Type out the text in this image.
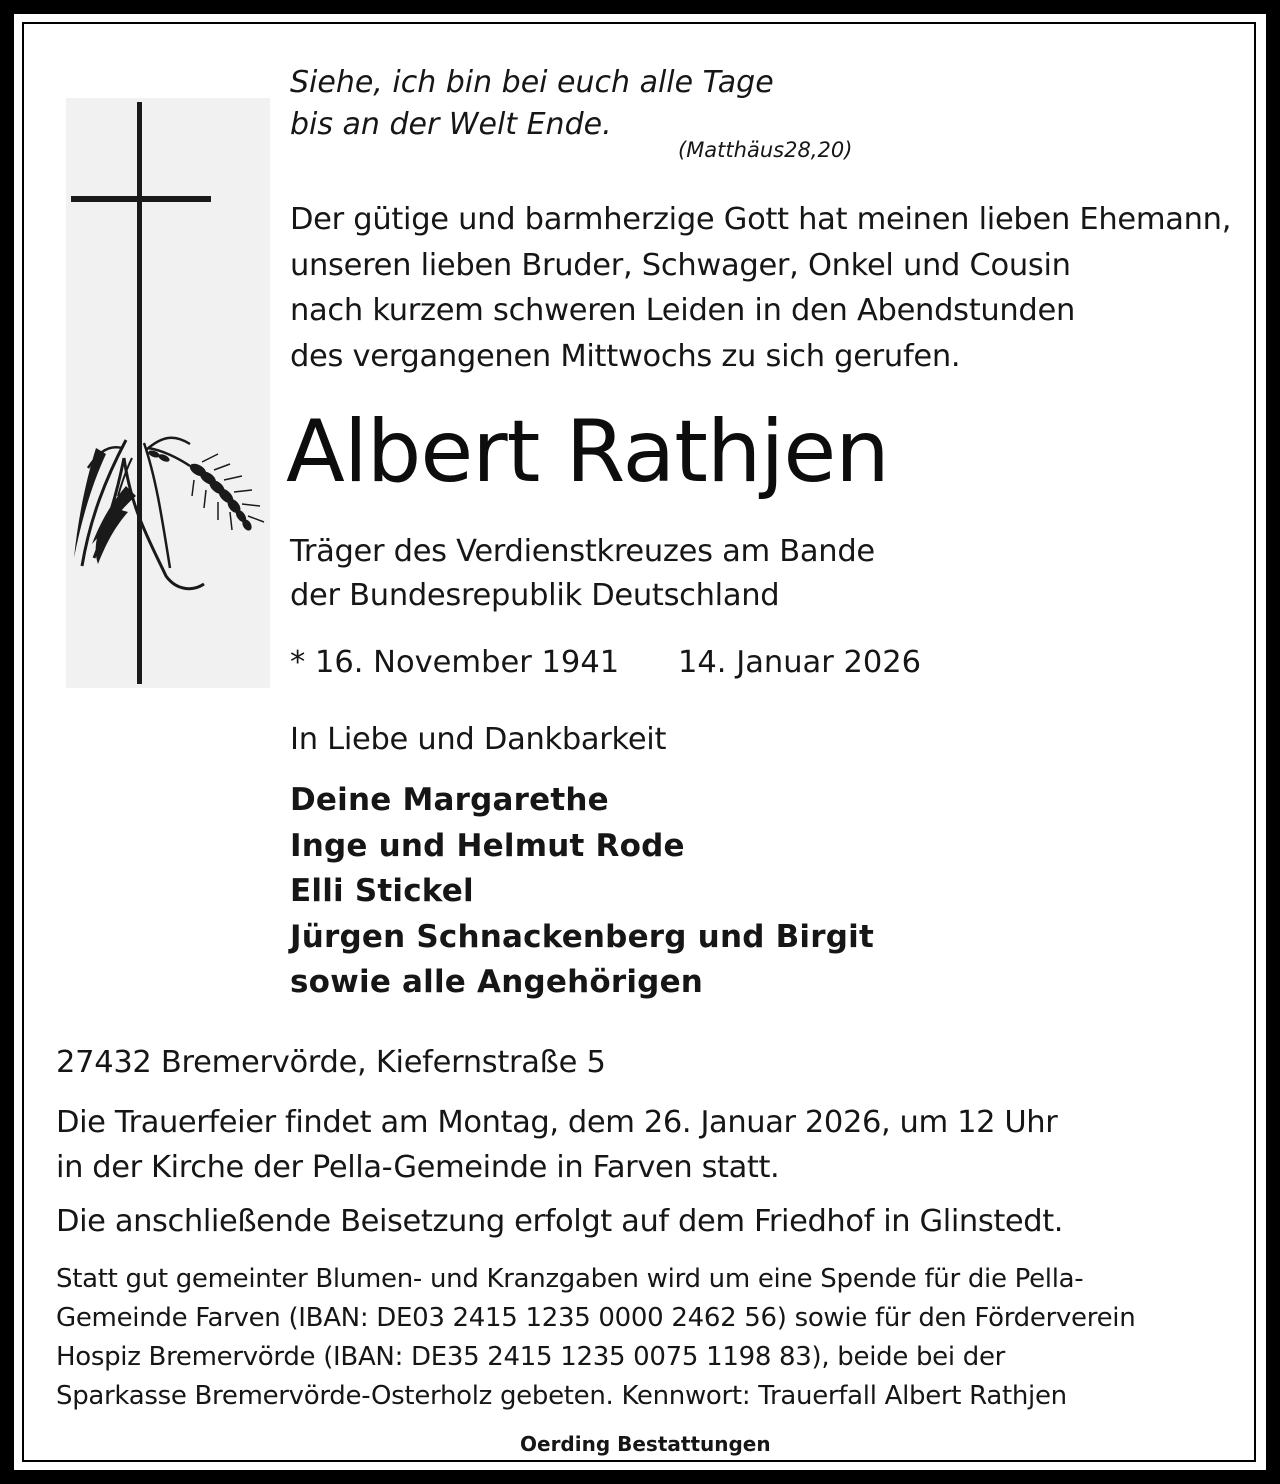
Siehe, ich bin bei euch alle Tage
bis an der Welt Ende.
(Matthäus28,20)
Der gütige und barmherzige Gott hat meinen lieben Ehemann,
unseren lieben Bruder, Schwager, Onkel und Cousin
nach kurzem schweren Leiden in den Abendstunden
des vergangenen Mittwochs zu sich gerufen.
Albert Rathjen
Träger des Verdienstkreuzes am Bande
der Bundesrepublik Deutschland
* 16. November 1941 14. Januar 2026
In Liebe und Dankbarkeit
Deine Margarethe
Inge und Helmut Rode
Elli Stickel
Jürgen Schnackenberg und Birgit
sowie alle Angehörigen
27432 Bremervörde, Kiefernstraße 5
Die Trauerfeier findet am Montag, dem 26. Januar 2026, um 12 Uhr
in der Kirche der Pella-Gemeinde in Farven statt.
Die anschließende Beisetzung erfolgt auf dem Friedhof in Glinstedt.
Statt gut gemeinter Blumen- und Kranzgaben wird um eine Spende für die Pella-
Gemeinde Farven (IBAN: DE03 2415 1235 0000 2462 56) sowie für den Förderverein
Hospiz Bremervörde (IBAN: DE35 2415 1235 0075 1198 83), beide bei der
Sparkasse Bremervörde-Osterholz gebeten. Kennwort: Trauerfall Albert Rathjen
Oerding Bestattungen
